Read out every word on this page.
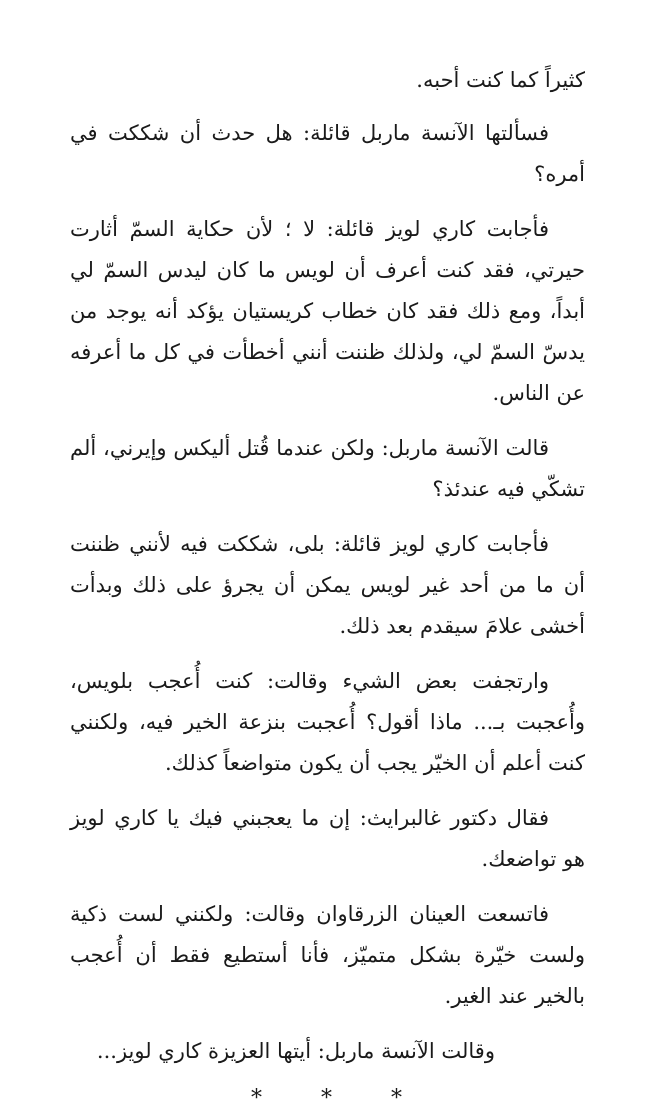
كثيراً كما كنت أحبه.

فسألتها الآنسة ماربل قائلة: هل حدث أن شككت في أمره؟

فأجابت كاري لويز قائلة: لا ؛ لأن حكاية السمّ أثارت حيرتي، فقد كنت أعرف أن لويس ما كان ليدس السمّ لي أبداً، ومع ذلك فقد كان خطاب كريستيان يؤكد أنه يوجد من يدسّ السمّ لي، ولذلك ظننت أنني أخطأت في كل ما أعرفه عن الناس.

قالت الآنسة ماربل: ولكن عندما قُتل أليكس وإيرني، ألم تشكّي فيه عندئذ؟

فأجابت كاري لويز قائلة: بلى، شككت فيه لأنني ظننت أن ما من أحد غير لويس يمكن أن يجرؤ على ذلك وبدأت أخشى علامَ سيقدم بعد ذلك.

وارتجفت بعض الشيء وقالت: كنت أُعجب بلويس، وأُعجبت بـ... ماذا أقول؟ أُعجبت بنزعة الخير فيه، ولكنني كنت أعلم أن الخيّر يجب أن يكون متواضعاً كذلك.

فقال دكتور غالبرايث: إن ما يعجبني فيك يا كاري لويز هو تواضعك.

فاتسعت العينان الزرقاوان وقالت: ولكنني لست ذكية ولست خيّرة بشكل متميّز، فأنا أستطيع فقط أن أُعجب بالخير عند الغير.

وقالت الآنسة ماربل: أيتها العزيزة كاري لويز...

* * *
